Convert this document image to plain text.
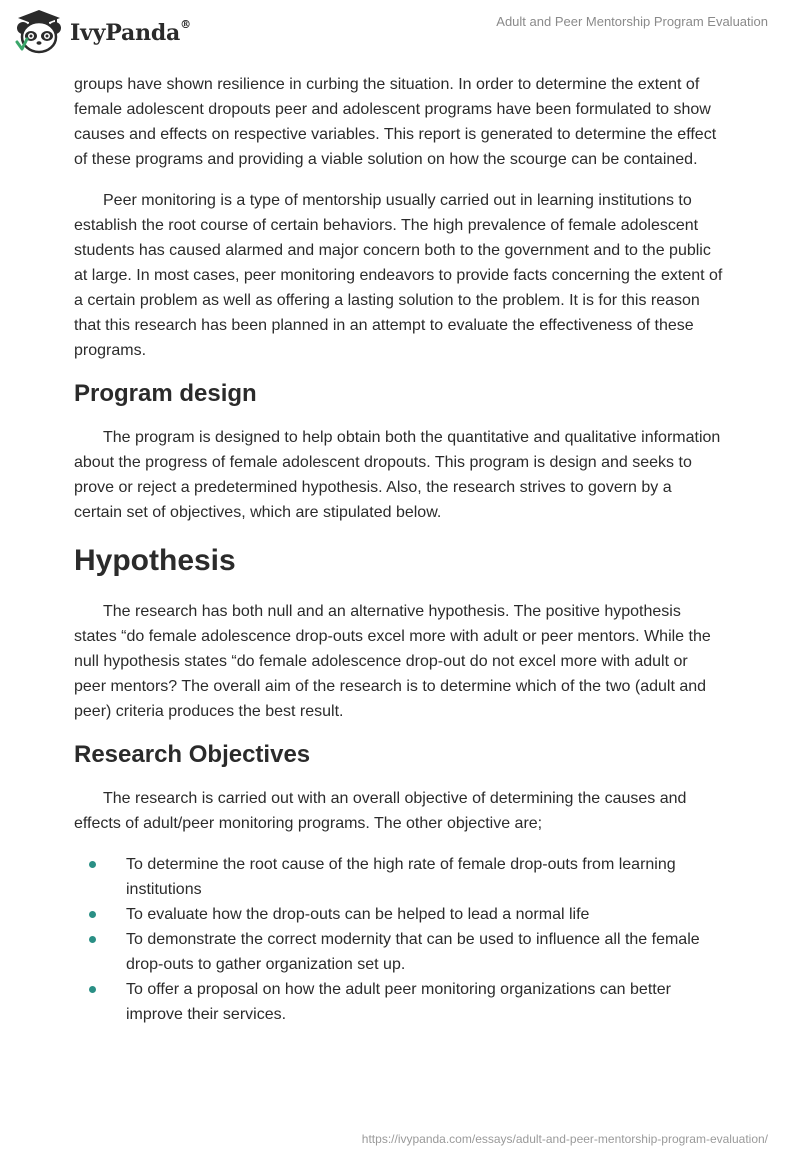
IvyPanda®	Adult and Peer Mentorship Program Evaluation

groups have shown resilience in curbing the situation. In order to determine the extent of female adolescent dropouts peer and adolescent programs have been formulated to show causes and effects on respective variables. This report is generated to determine the effect of these programs and providing a viable solution on how the scourge can be contained.

Peer monitoring is a type of mentorship usually carried out in learning institutions to establish the root course of certain behaviors. The high prevalence of female adolescent students has caused alarmed and major concern both to the government and to the public at large. In most cases, peer monitoring endeavors to provide facts concerning the extent of a certain problem as well as offering a lasting solution to the problem. It is for this reason that this research has been planned in an attempt to evaluate the effectiveness of these programs.

Program design

The program is designed to help obtain both the quantitative and qualitative information about the progress of female adolescent dropouts. This program is design and seeks to prove or reject a predetermined hypothesis. Also, the research strives to govern by a certain set of objectives, which are stipulated below.

Hypothesis

The research has both null and an alternative hypothesis. The positive hypothesis states “do female adolescence drop-outs excel more with adult or peer mentors. While the null hypothesis states “do female adolescence drop-out do not excel more with adult or peer mentors? The overall aim of the research is to determine which of the two (adult and peer) criteria produces the best result.

Research Objectives

The research is carried out with an overall objective of determining the causes and effects of adult/peer monitoring programs. The other objective are;

To determine the root cause of the high rate of female drop-outs from learning institutions
To evaluate how the drop-outs can be helped to lead a normal life
To demonstrate the correct modernity that can be used to influence all the female drop-outs to gather organization set up.
To offer a proposal on how the adult peer monitoring organizations can better improve their services.
https://ivypanda.com/essays/adult-and-peer-mentorship-program-evaluation/
